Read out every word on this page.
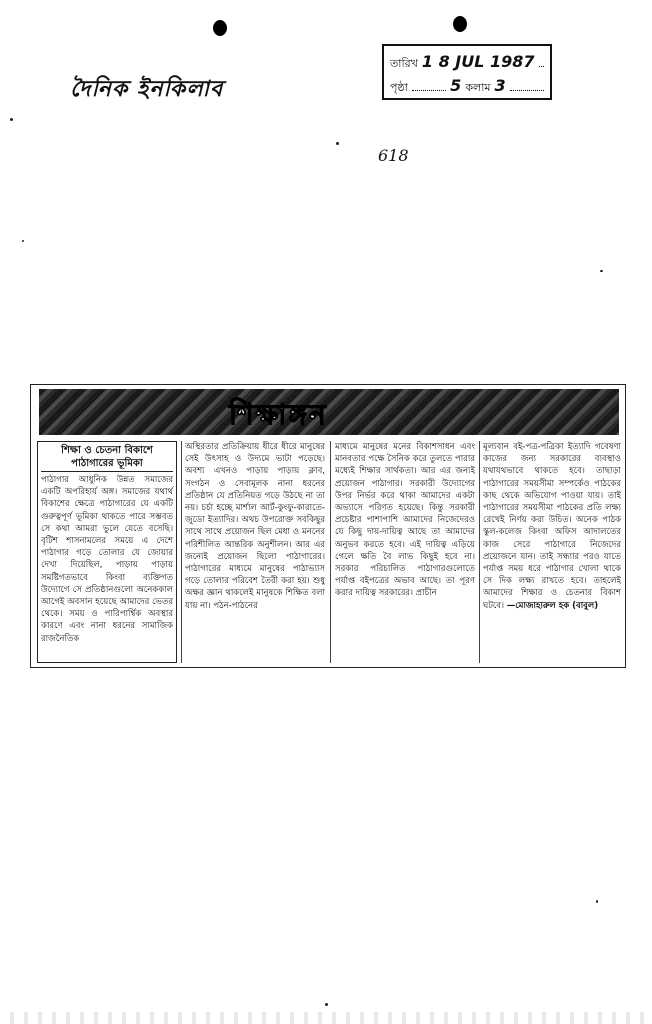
দৈনিক ইনকিলাব
তারিখ 1 8 JUL 1987
পৃষ্ঠা	5 কলাম 3
618
শিক্ষাঙ্গন
শিক্ষা ও চেতনা বিকাশে
পাঠাগারের ভূমিকা
পাঠাগার আধুনিক উন্নত সমাজের একটি অপরিহার্য অঙ্গ। সমাজের যথার্থ বিকাশের ক্ষেত্রে পাঠাগারের যে একটি গুরুত্বপূর্ণ ভূমিকা থাকতে পারে সম্ভবত সে কথা আমরা ভুলে যেতে বসেছি। বৃটিশ শাসনামলের সময়ে এ দেশে পাঠাগার গড়ে তোলার যে জোয়ার দেখা দিয়েছিল, পাড়ায় পাড়ায় সমষ্টিগতভাবে কিংবা ব্যক্তিগত উদ্যোগে সে প্রতিষ্ঠানগুলো অনেককাল আগেই অবসান হয়েছে আমাদের ভেতর থেকে। সময় ও পারিপার্শ্বিক অবস্থার কারণে এবং নানা ধরনের সামাজিক রাজনৈতিক
অস্থিরতার প্রতিক্রিয়ায় ধীরে ধীরে মানুষের সেই উৎসাহ ও উদ্যমে ভাটা পড়েছে। অবশ্য এখনও পাড়ায় পাড়ায় ক্লাব, সংগঠন ও সেবামূলক নানা ধরনের প্রতিষ্ঠান যে প্রতিনিয়ত গড়ে উঠছে না তা নয়। চর্চা হচ্ছে মার্শাল আর্ট-কুংফু-কারাতে-জুডো ইত্যাদির। অথচ উপরোক্ত সবকিছুর সাথে সাথে প্রয়োজন ছিল মেধা ও মননের পরিশীলিত আন্তরিক অনুশীলন। আর এর জন্যেই প্রয়োজন ছিলো পাঠাগারের। পাঠাগারের মাধ্যমে মানুষের পাঠাভ্যাস গড়ে তোলার পরিবেশ তৈরী করা হয়। শুধু অক্ষর জ্ঞান থাকলেই মানুষকে শিক্ষিত বলা যায় না। পঠন-পাঠনের
মাধ্যমে মানুষের মনের বিকাশসাধন এবং মানবতার পক্ষে সৈনিক করে তুলতে পারার মধ্যেই শিক্ষার সার্থকতা। আর এর জন্যই প্রয়োজন পাঠাগার। সরকারী উদ্যোগের উপর নির্ভর করে থাকা আমাদের একটা অভ্যাসে পরিণত হয়েছে। কিন্তু সরকারী প্রচেষ্টার পাশাপাশি আমাদের নিজেদেরও যে কিছু দায়-দায়িত্ব আছে তা আমাদের অনুভব করতে হবে। এই দায়িত্ব এড়িয়ে গেলে ক্ষতি বৈ লাভ কিছুই হবে না। সরকার পরিচালিত পাঠাগারগুলোতে পর্যাপ্ত বইপত্রের অভাব আছে। তা পূরণ করার দায়িত্ব সরকারের। প্রাচীন
মূল্যবান বই-পত্র-পত্রিকা ইত্যাদি গবেষণা কাজের জন্য সরকারের ব্যবস্থাও যথাযথভাবে থাকতে হবে। তাছাড়া পাঠাগারের সময়সীমা সম্পর্কেও পাঠকের কাছ থেকে অভিযোগ পাওয়া যায়। তাই পাঠাগারের সময়সীমা পাঠকের প্রতি লক্ষ্য রেখেই নির্ণয় করা উচিত। অনেক পাঠক স্কুল-কলেজ কিংবা অফিস আদালতের কাজ সেরে পাঠাগারে নিজেদের প্রয়োজনে যান। তাই সন্ধ্যার পরও যাতে পর্যাপ্ত সময় ধরে পাঠাগার খোলা থাকে সে দিক লক্ষ্য রাখতে হবে। তাহলেই আমাদের শিক্ষার ও চেতনার বিকাশ ঘটবে। —মোজাহারুল হক (বাবুল)
